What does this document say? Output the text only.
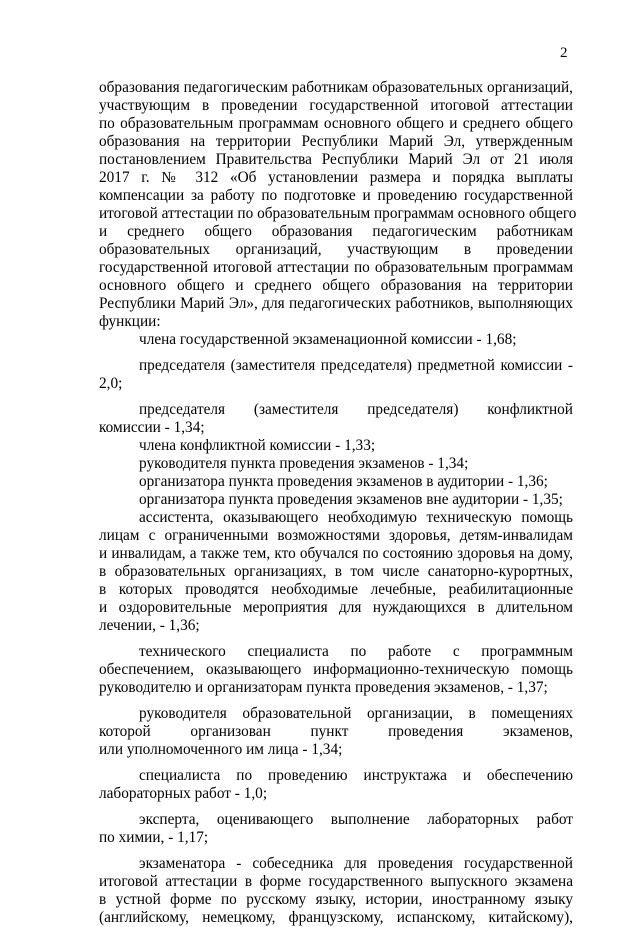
2
образования педагогическим работникам образовательных организаций,
участвующим в проведении государственной итоговой аттестации
по образовательным программам основного общего и среднего общего
образования на территории Республики Марий Эл, утвержденным
постановлением Правительства Республики Марий Эл от 21 июля
2017 г. № 312 «Об установлении размера и порядка выплаты
компенсации за работу по подготовке и проведению государственной
итоговой аттестации по образовательным программам основного общего
и среднего общего образования педагогическим работникам
образовательных организаций, участвующим в проведении
государственной итоговой аттестации по образовательным программам
основного общего и среднего общего образования на территории
Республики Марий Эл», для педагогических работников, выполняющих
функции:
члена государственной экзаменационной комиссии - 1,68;
председателя (заместителя председателя) предметной комиссии -
2,0;
председателя (заместителя председателя) конфликтной
комиссии - 1,34;
члена конфликтной комиссии - 1,33;
руководителя пункта проведения экзаменов - 1,34;
организатора пункта проведения экзаменов в аудитории - 1,36;
организатора пункта проведения экзаменов вне аудитории - 1,35;
ассистента, оказывающего необходимую техническую помощь
лицам с ограниченными возможностями здоровья, детям-инвалидам
и инвалидам, а также тем, кто обучался по состоянию здоровья на дому,
в образовательных организациях, в том числе санаторно-курортных,
в которых проводятся необходимые лечебные, реабилитационные
и оздоровительные мероприятия для нуждающихся в длительном
лечении, - 1,36;
технического специалиста по работе с программным
обеспечением, оказывающего информационно-техническую помощь
руководителю и организаторам пункта проведения экзаменов, - 1,37;
руководителя образовательной организации, в помещениях
которой организован пункт проведения экзаменов,
или уполномоченного им лица - 1,34;
специалиста по проведению инструктажа и обеспечению
лабораторных работ - 1,0;
эксперта, оценивающего выполнение лабораторных работ
по химии, - 1,17;
экзаменатора - собеседника для проведения государственной
итоговой аттестации в форме государственного выпускного экзамена
в устной форме по русскому языку, истории, иностранному языку
(английскому, немецкому, французскому, испанскому, китайскому),
